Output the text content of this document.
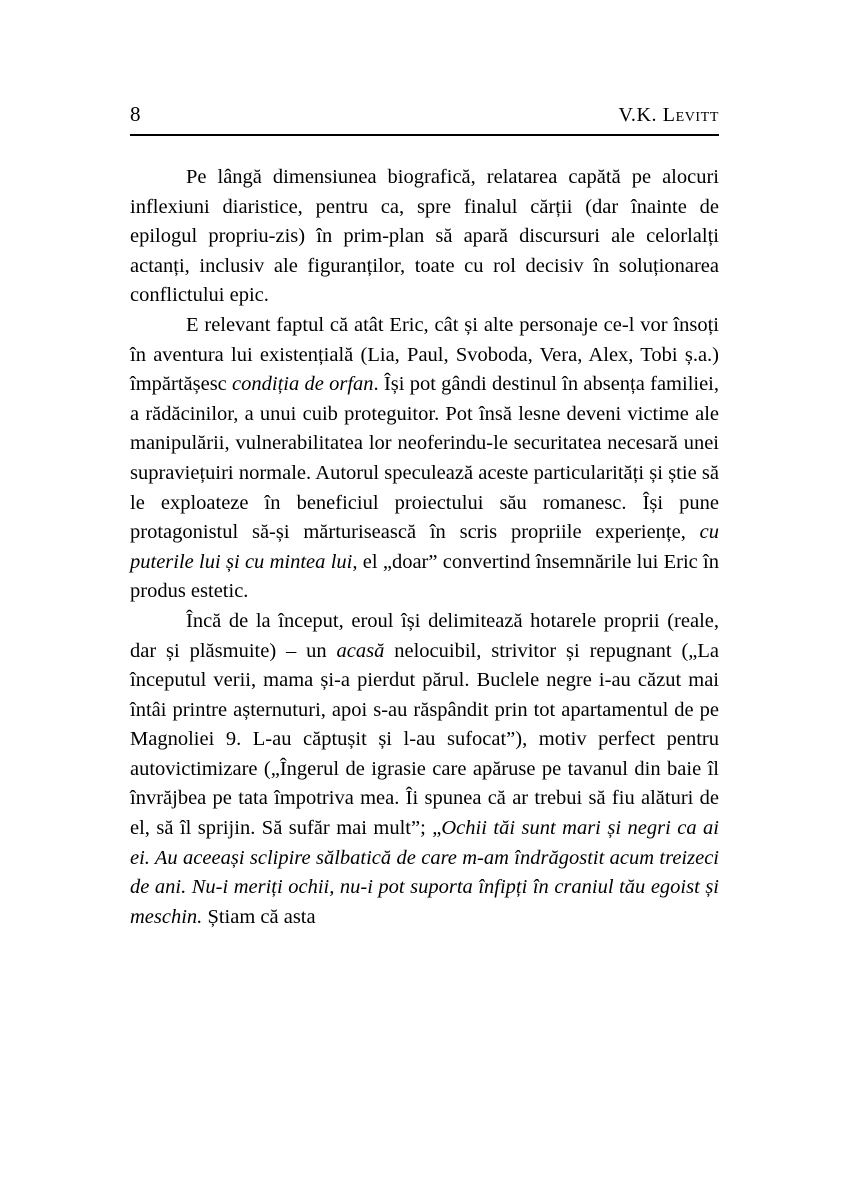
8	V.K. Levitt

Pe lângă dimensiunea biografică, relatarea capătă pe alocuri inflexiuni diaristice, pentru ca, spre finalul cărții (dar înainte de epilogul propriu-zis) în prim-plan să apară discursuri ale celorlalți actanți, inclusiv ale figuranților, toate cu rol decisiv în soluționarea conflictului epic.

E relevant faptul că atât Eric, cât și alte personaje ce-l vor însoți în aventura lui existențială (Lia, Paul, Svoboda, Vera, Alex, Tobi ș.a.) împărtășesc condiția de orfan. Își pot gândi destinul în absența familiei, a rădăcinilor, a unui cuib proteguitor. Pot însă lesne deveni victime ale manipulării, vulnerabilitatea lor neoferindu-le securitatea necesară unei supraviețuiri normale. Autorul speculează aceste particularități și știe să le exploateze în beneficiul proiectului său romanesc. Își pune protagonistul să-și mărturisească în scris propriile experiențe, cu puterile lui și cu mintea lui, el „doar” convertind însemnările lui Eric în produs estetic.

Încă de la început, eroul își delimitează hotarele proprii (reale, dar și plăsmuite) – un acasă nelocuibil, strivitor și repugnant („La începutul verii, mama și-a pierdut părul. Buclele negre i-au căzut mai întâi printre așternuturi, apoi s-au răspândit prin tot apartamentul de pe Magnoliei 9. L-au căptușit și l-au sufocat”), motiv perfect pentru autovictimizare („Îngerul de igrasie care apăruse pe tavanul din baie îl învrăjbea pe tata împotriva mea. Îi spunea că ar trebui să fiu alături de el, să îl sprijin. Să sufăr mai mult”; „Ochii tăi sunt mari și negri ca ai ei. Au aceeași sclipire sălbatică de care m-am îndrăgostit acum treizeci de ani. Nu-i meriți ochii, nu-i pot suporta înfipți în craniul tău egoist și meschin. Știam că asta
